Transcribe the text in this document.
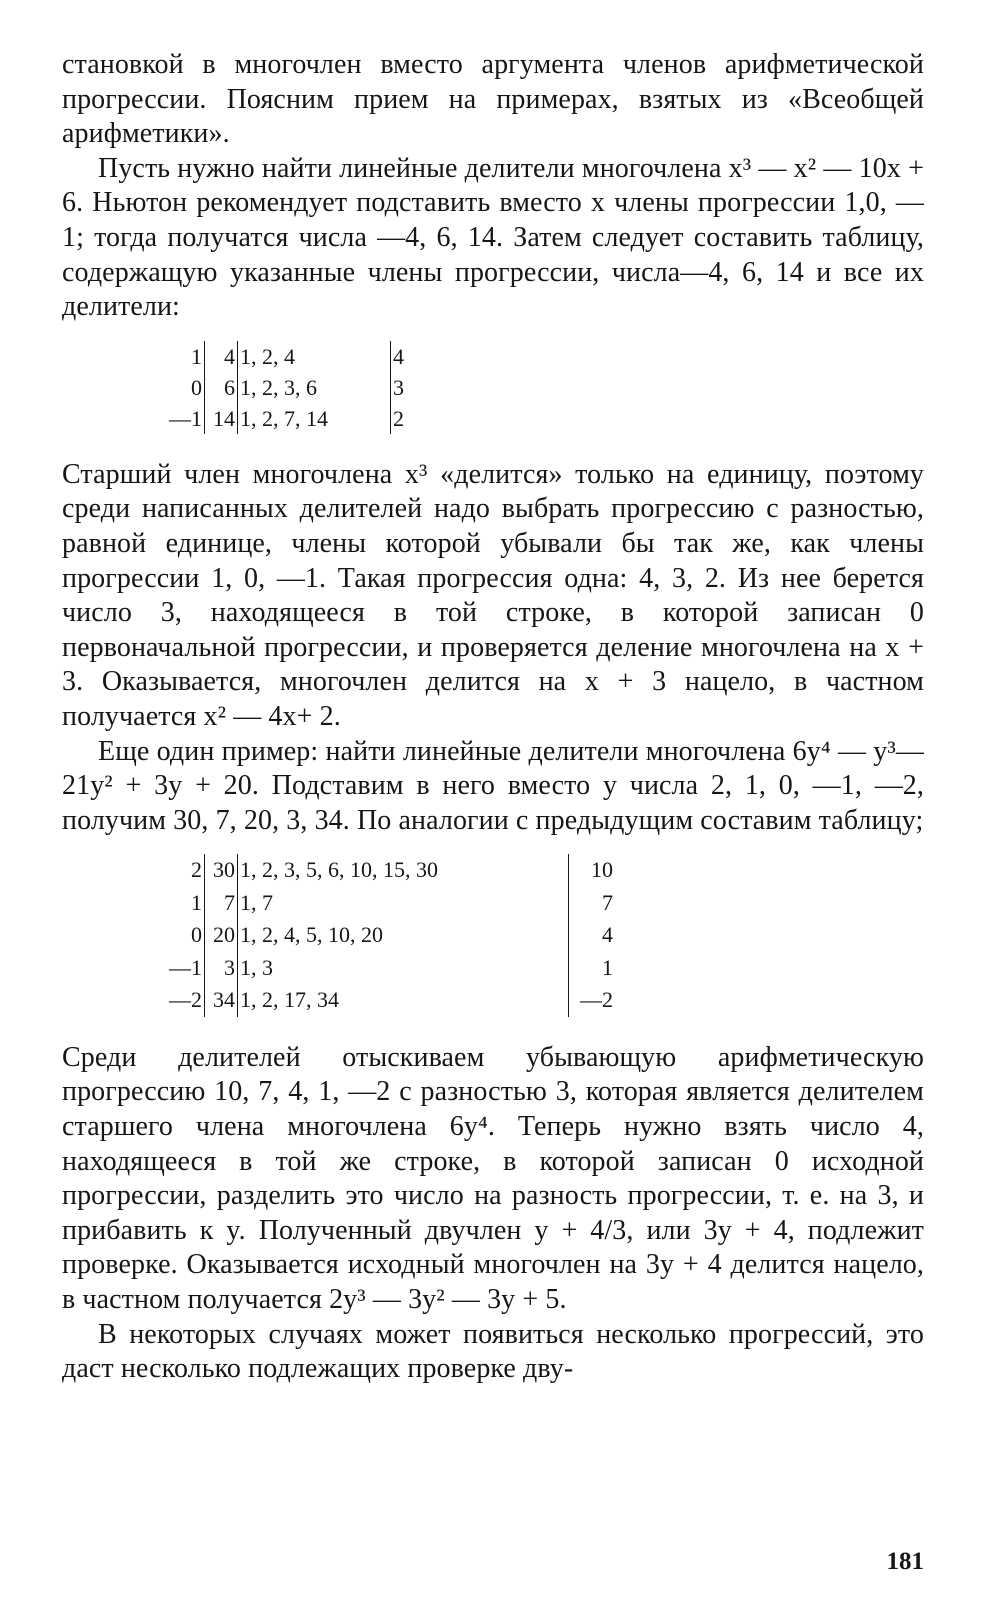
становкой в многочлен вместо аргумента членов арифметической прогрессии. Поясним прием на примерах, взятых из «Всеобщей арифметики».

Пусть нужно найти линейные делители многочлена x³ — x² — 10x + 6. Ньютон рекомендует подставить вместо x члены прогрессии 1,0, —1; тогда получатся числа —4, 6, 14. Затем следует составить таблицу, содержащую указанные члены прогрессии, числа—4, 6, 14 и все их делители:

1	4	1, 2, 4	4
0	6	1, 2, 3, 6	3
—1	14	1, 2, 7, 14	2

Старший член многочлена x³ «делится» только на единицу, поэтому среди написанных делителей надо выбрать прогрессию с разностью, равной единице, члены которой убывали бы так же, как члены прогрессии 1, 0, —1. Такая прогрессия одна: 4, 3, 2. Из нее берется число 3, находящееся в той строке, в которой записан 0 первоначальной прогрессии, и проверяется деление многочлена на x + 3. Оказывается, многочлен делится на x + 3 нацело, в частном получается x² — 4x+ 2.

Еще один пример: найти линейные делители многочлена 6y⁴ — y³— 21y² + 3y + 20. Подставим в него вместо y числа 2, 1, 0, —1, —2, получим 30, 7, 20, 3, 34. По аналогии с предыдущим составим таблицу;

2	30	1, 2, 3, 5, 6, 10, 15, 30	10
1	7	1, 7	7
0	20	1, 2, 4, 5, 10, 20	4
—1	3	1, 3	1
—2	34	1, 2, 17, 34	—2

Среди делителей отыскиваем убывающую арифметическую прогрессию 10, 7, 4, 1, —2 с разностью 3, которая является делителем старшего члена многочлена 6y⁴. Теперь нужно взять число 4, находящееся в той же строке, в которой записан 0 исходной прогрессии, разделить это число на разность прогрессии, т. е. на 3, и прибавить к y. Полученный двучлен y + 4/3, или 3y + 4, подлежит проверке. Оказывается исходный многочлен на 3y + 4 делится нацело, в частном получается 2y³ — 3y² — 3y + 5.

В некоторых случаях может появиться несколько прогрессий, это даст несколько подлежащих проверке дву-

181
